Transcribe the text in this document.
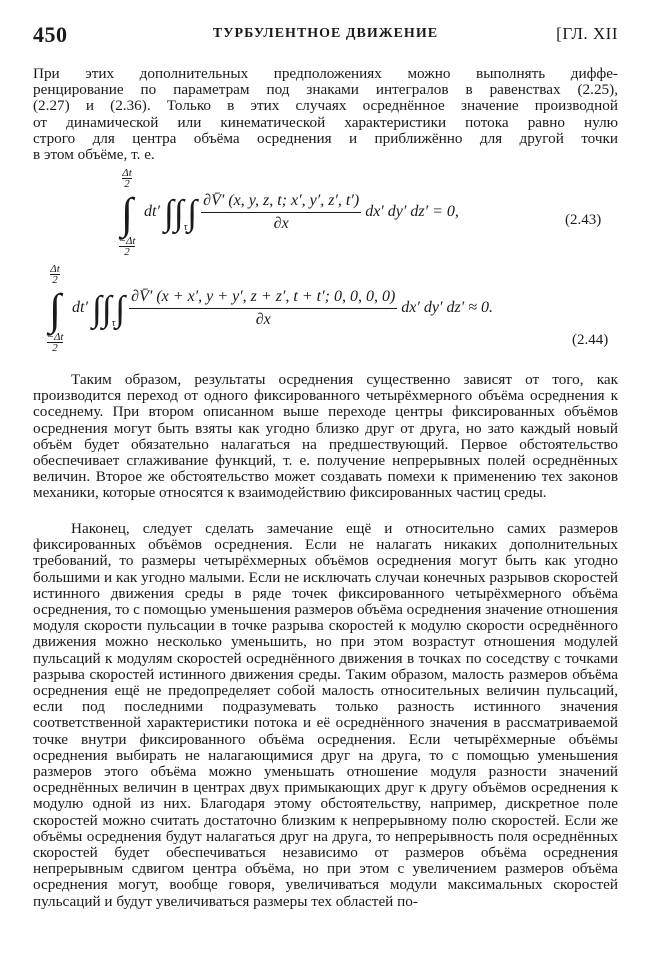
450	ТУРБУЛЕНТНОЕ ДВИЖЕНИЕ	[ГЛ. XII

При этих дополнительных предположениях можно выполнять диффе-

ренцирование по параметрам под знаками интегралов в равенствах (2.25),

(2.27) и (2.36). Только в этих случаях осреднённое значение производной

от динамической или кинематической характеристики потока равно нулю

строго для центра объёма осреднения и приближённо для другой точки

в этом объёме, т. е.

$\frac{\Delta t}{2}$
∫
$\frac{-\Delta t}{2}$
dt′ $\int\int_\tau\int \frac{\partial V̄' (x, y, z, t; x', y', z', t')}{\partial x} dx'$ dy′ dz′ = 0,	(2.43)
$\frac{\Delta t}{2}$
∫
$\frac{-\Delta t}{2}$
dt′ $\int\int_\tau\int \frac{\partial V̄' (x + x', y + y', z + z', t + t'; 0, 0, 0, 0)}{\partial x} dx'$ dy′ dz′ ≈ 0.
(2.44)

Таким образом, результаты осреднения существенно зависят от того, как производится переход от одного фиксированного четырёхмерного объёма осреднения к соседнему. При втором описанном выше переходе центры фиксированных объёмов осреднения могут быть взяты как угодно близко друг от друга, но зато каждый новый объём будет обязательно налагаться на предшествующий. Первое обстоятельство обеспечивает сглаживание функций, т. е. получение непрерывных полей осреднённых величин. Второе же обстоятельство может создавать помехи к применению тех законов механики, которые относятся к взаимодействию фиксированных частиц среды.

Наконец, следует сделать замечание ещё и относительно самих размеров фиксированных объёмов осреднения. Если не налагать никаких дополнительных требований, то размеры четырёхмерных объёмов осреднения могут быть как угодно большими и как угодно малыми. Если не исключать случаи конечных разрывов скоростей истинного движения среды в ряде точек фиксированного четырёхмерного объёма осреднения, то с помощью уменьшения размеров объёма осреднения значение отношения модуля скорости пульсации в точке разрыва скоростей к модулю скорости осреднённого движения можно несколько уменьшить, но при этом возрастут отношения модулей пульсаций к модулям скоростей осреднённого движения в точках по соседству с точками разрыва скоростей истинного движения среды. Таким образом, малость размеров объёма осреднения ещё не предопределяет собой малость относительных величин пульсаций, если под последними подразумевать только разность истинного значения соответственной характеристики потока и её осреднённого значения в рассматриваемой точке внутри фиксированного объёма осреднения. Если четырёхмерные объёмы осреднения выбирать не налагающимися друг на друга, то с помощью уменьшения размеров этого объёма можно уменьшать отношение модуля разности значений осреднённых величин в центрах двух примыкающих друг к другу объёмов осреднения к модулю одной из них. Благодаря этому обстоятельству, например, дискретное поле скоростей можно считать достаточно близким к непрерывному полю скоростей. Если же объёмы осреднения будут налагаться друг на друга, то непрерывность поля осреднённых скоростей будет обеспечиваться независимо от размеров объёма осреднения непрерывным сдвигом центра объёма, но при этом с увеличением размеров объёма осреднения могут, вообще говоря, увеличиваться модули максимальных скоростей пульсаций и будут увеличиваться размеры тех областей по-
